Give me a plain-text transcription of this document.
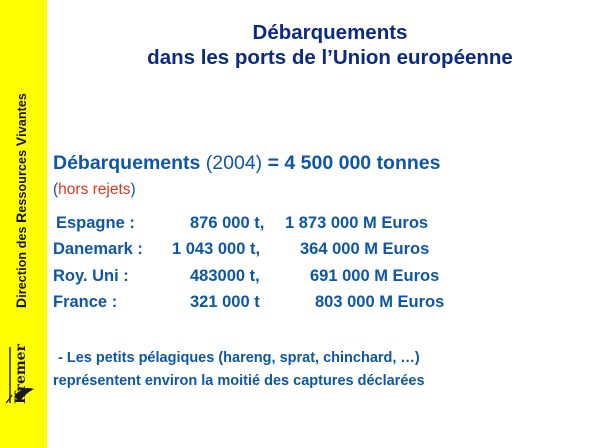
Direction des Ressources Vivantes
Ifremer
Débarquements
dans les ports de l’Union européenne
Débarquements (2004) = 4 500 000 tonnes
(hors rejets)
Espagne :	876 000 t, 1 873 000 M Euros
Danemark : 1 043 000 t, 364 000 M Euros
Roy. Uni :	483000 t,	691 000 M Euros
France :	321 000 t	803 000 M Euros
- Les petits pélagiques (hareng, sprat, chinchard, …)
représentent environ la moitié des captures déclarées
